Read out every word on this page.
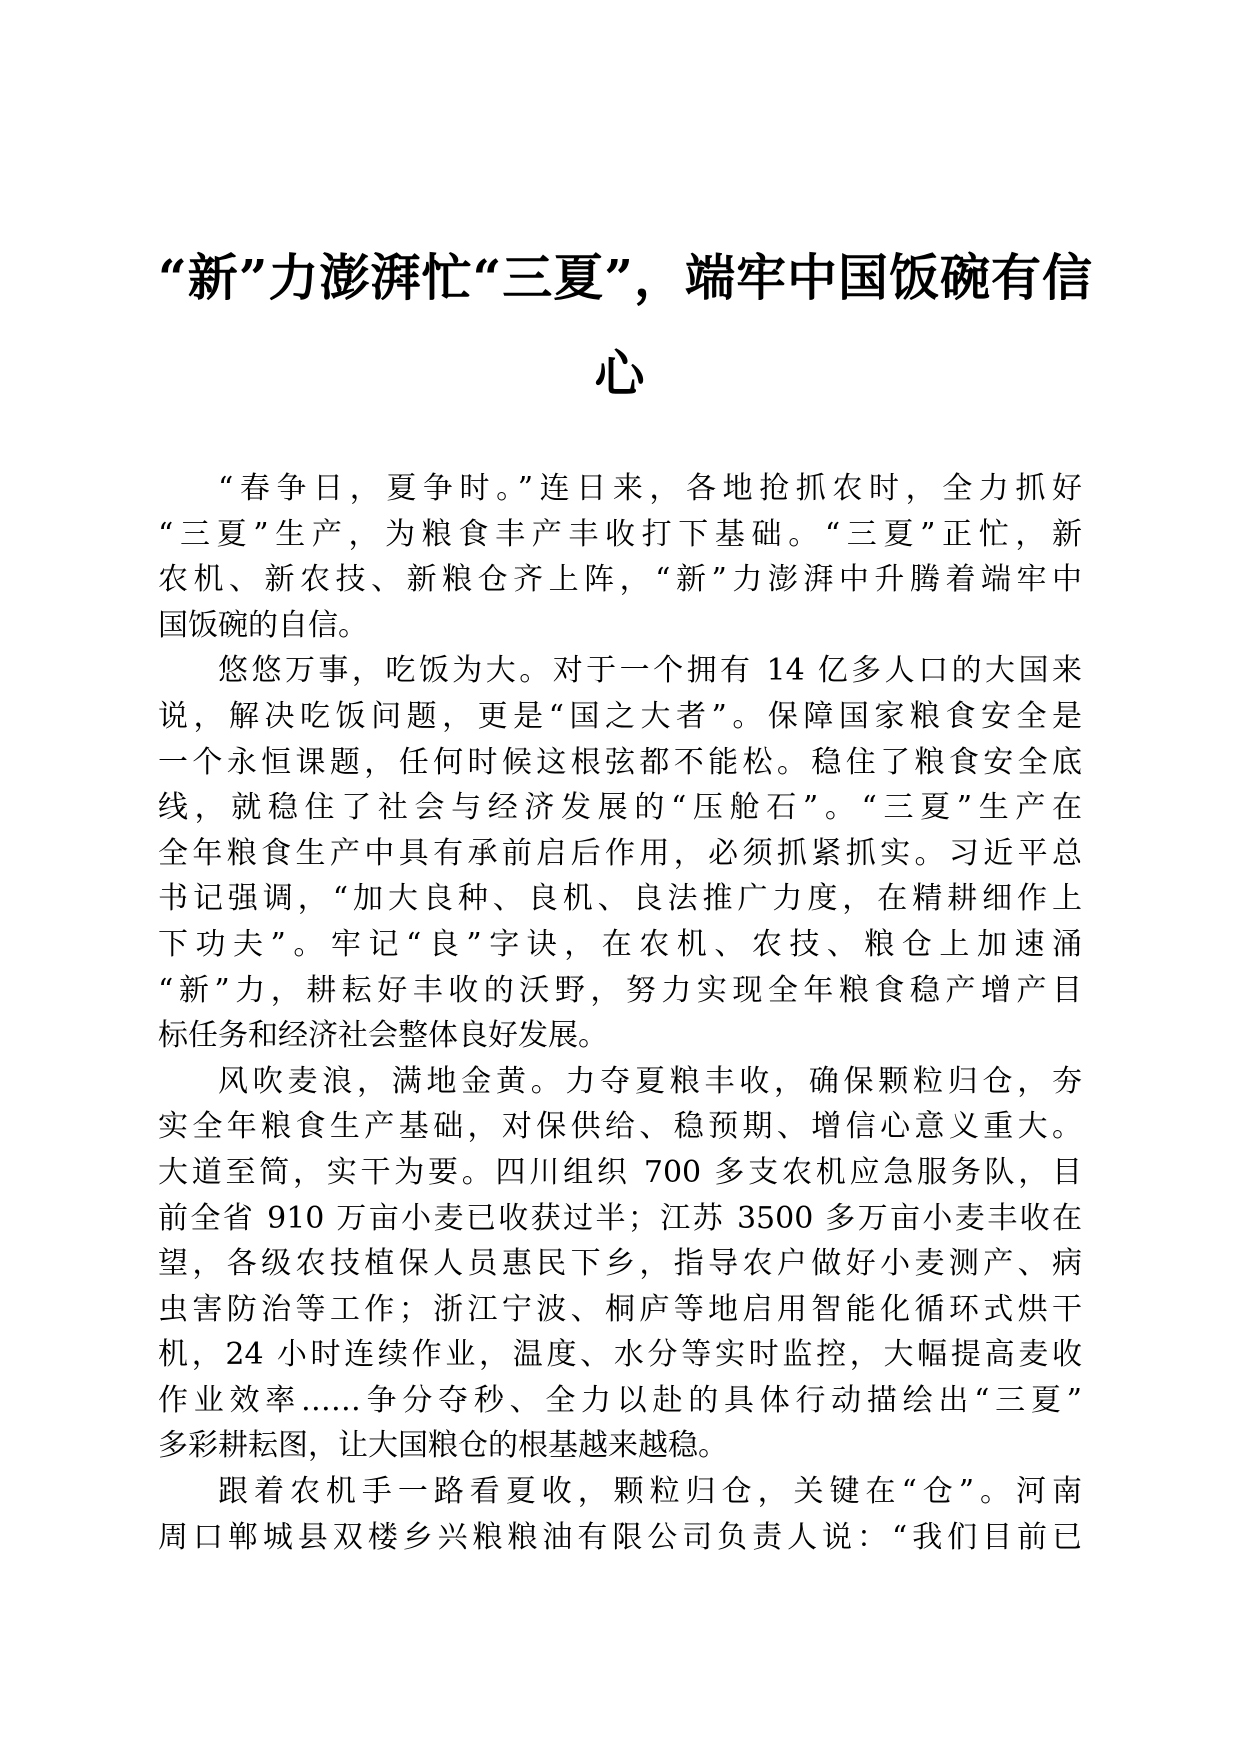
“新”力澎湃忙“三夏”，端牢中国饭碗有信
心
“春争日，夏争时。”连日来，各地抢抓农时，全力抓好
“三夏”生产，为粮食丰产丰收打下基础。“三夏”正忙，新
农机、新农技、新粮仓齐上阵，“新”力澎湃中升腾着端牢中
国饭碗的自信。
悠悠万事，吃饭为大。对于一个拥有 14 亿多人口的大国来
说，解决吃饭问题，更是“国之大者”。保障国家粮食安全是
一个永恒课题，任何时候这根弦都不能松。稳住了粮食安全底
线，就稳住了社会与经济发展的“压舱石”。“三夏”生产在
全年粮食生产中具有承前启后作用，必须抓紧抓实。习近平总
书记强调，“加大良种、良机、良法推广力度，在精耕细作上
下功夫”。牢记“良”字诀，在农机、农技、粮仓上加速涌
“新”力，耕耘好丰收的沃野，努力实现全年粮食稳产增产目
标任务和经济社会整体良好发展。
风吹麦浪，满地金黄。力夺夏粮丰收，确保颗粒归仓，夯
实全年粮食生产基础，对保供给、稳预期、增信心意义重大。
大道至简，实干为要。四川组织 700 多支农机应急服务队，目
前全省 910 万亩小麦已收获过半；江苏 3500 多万亩小麦丰收在
望，各级农技植保人员惠民下乡，指导农户做好小麦测产、病
虫害防治等工作；浙江宁波、桐庐等地启用智能化循环式烘干
机，24 小时连续作业，温度、水分等实时监控，大幅提高麦收
作业效率……争分夺秒、全力以赴的具体行动描绘出“三夏”
多彩耕耘图，让大国粮仓的根基越来越稳。
跟着农机手一路看夏收，颗粒归仓，关键在“仓”。河南
周口郸城县双楼乡兴粮粮油有限公司负责人说：“我们目前已
